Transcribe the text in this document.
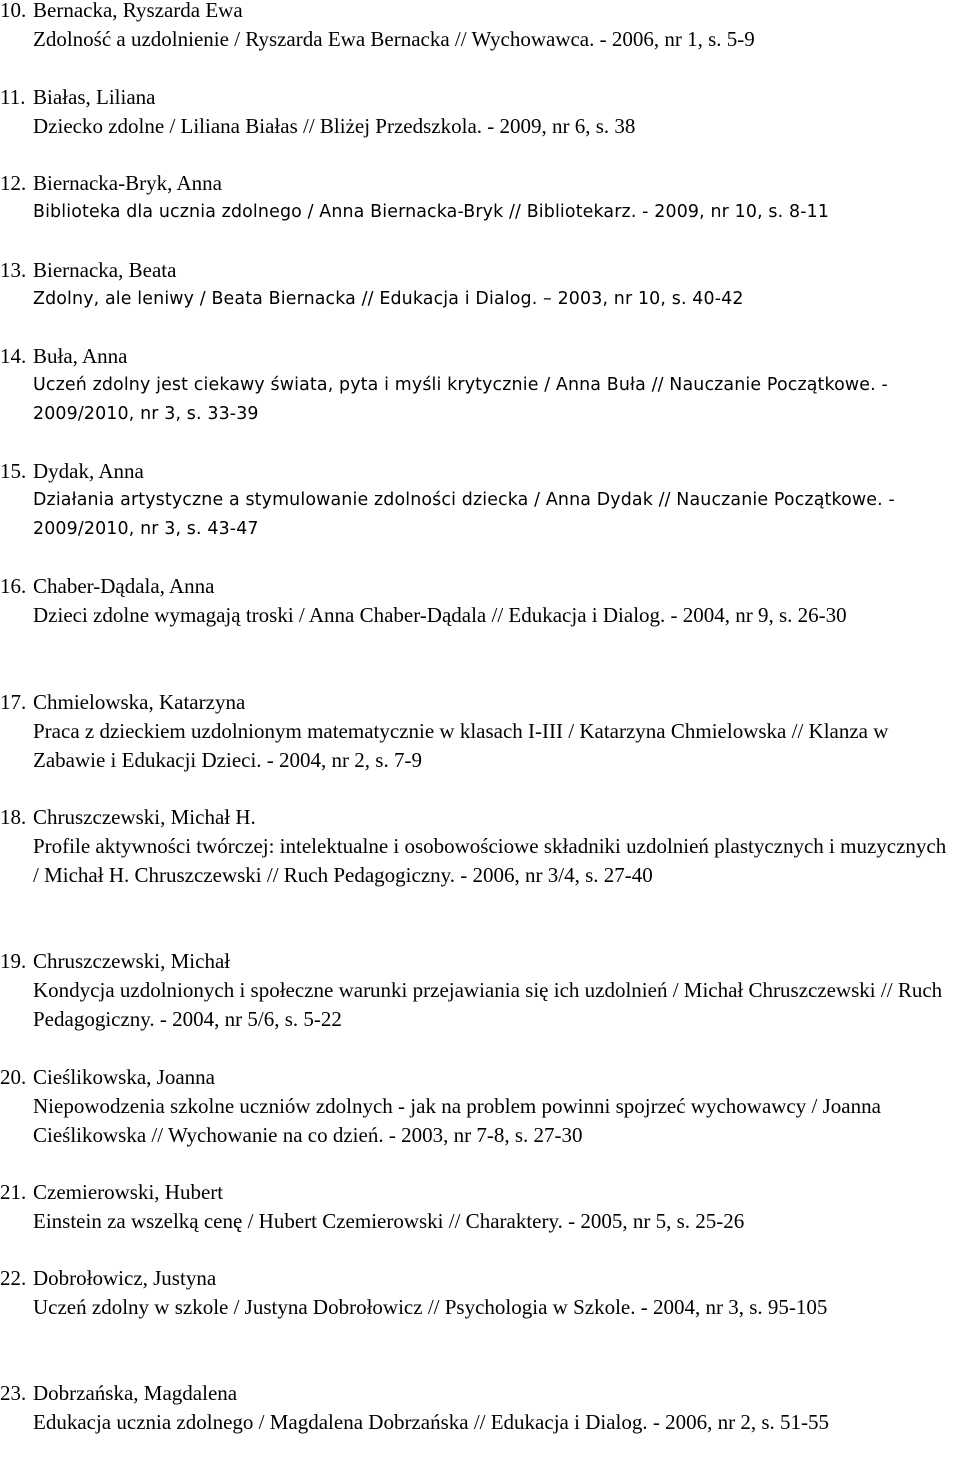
10. Bernacka, Ryszarda Ewa
Zdolność a uzdolnienie / Ryszarda Ewa Bernacka // Wychowawca. - 2006, nr 1, s. 5-9
11. Białas, Liliana
Dziecko zdolne / Liliana Białas // Bliżej Przedszkola. - 2009, nr 6, s. 38
12. Biernacka-Bryk, Anna
Biblioteka dla ucznia zdolnego / Anna Biernacka-Bryk // Bibliotekarz. - 2009, nr 10, s. 8-11
13. Biernacka, Beata
Zdolny, ale leniwy / Beata Biernacka // Edukacja i Dialog. – 2003, nr 10, s. 40-42
14. Buła, Anna
Uczeń zdolny jest ciekawy świata, pyta i myśli krytycznie / Anna Buła // Nauczanie Początkowe. - 2009/2010, nr 3, s. 33-39
15. Dydak, Anna
Działania artystyczne a stymulowanie zdolności dziecka / Anna Dydak // Nauczanie Początkowe. - 2009/2010, nr 3, s. 43-47
16. Chaber-Dądala, Anna
Dzieci zdolne wymagają troski / Anna Chaber-Dądala // Edukacja i Dialog. - 2004, nr 9, s. 26-30
17. Chmielowska, Katarzyna
Praca z dzieckiem uzdolnionym matematycznie w klasach I-III / Katarzyna Chmielowska // Klanza w Zabawie i Edukacji Dzieci. - 2004, nr 2, s. 7-9
18. Chruszczewski, Michał H.
Profile aktywności twórczej: intelektualne i osobowościowe składniki uzdolnień plastycznych i muzycznych / Michał H. Chruszczewski // Ruch Pedagogiczny. - 2006, nr 3/4, s. 27-40
19. Chruszczewski, Michał
Kondycja uzdolnionych i społeczne warunki przejawiania się ich uzdolnień / Michał Chruszczewski // Ruch Pedagogiczny. - 2004, nr 5/6, s. 5-22
20. Cieślikowska, Joanna
Niepowodzenia szkolne uczniów zdolnych - jak na problem powinni spojrzeć wychowawcy / Joanna Cieślikowska // Wychowanie na co dzień. - 2003, nr 7-8, s. 27-30
21. Czemierowski, Hubert
Einstein za wszelką cenę / Hubert Czemierowski // Charaktery. - 2005, nr 5, s. 25-26
22. Dobrołowicz, Justyna
Uczeń zdolny w szkole / Justyna Dobrołowicz // Psychologia w Szkole. - 2004, nr 3, s. 95-105
23. Dobrzańska, Magdalena
Edukacja ucznia zdolnego / Magdalena Dobrzańska // Edukacja i Dialog. - 2006, nr 2, s. 51-55
